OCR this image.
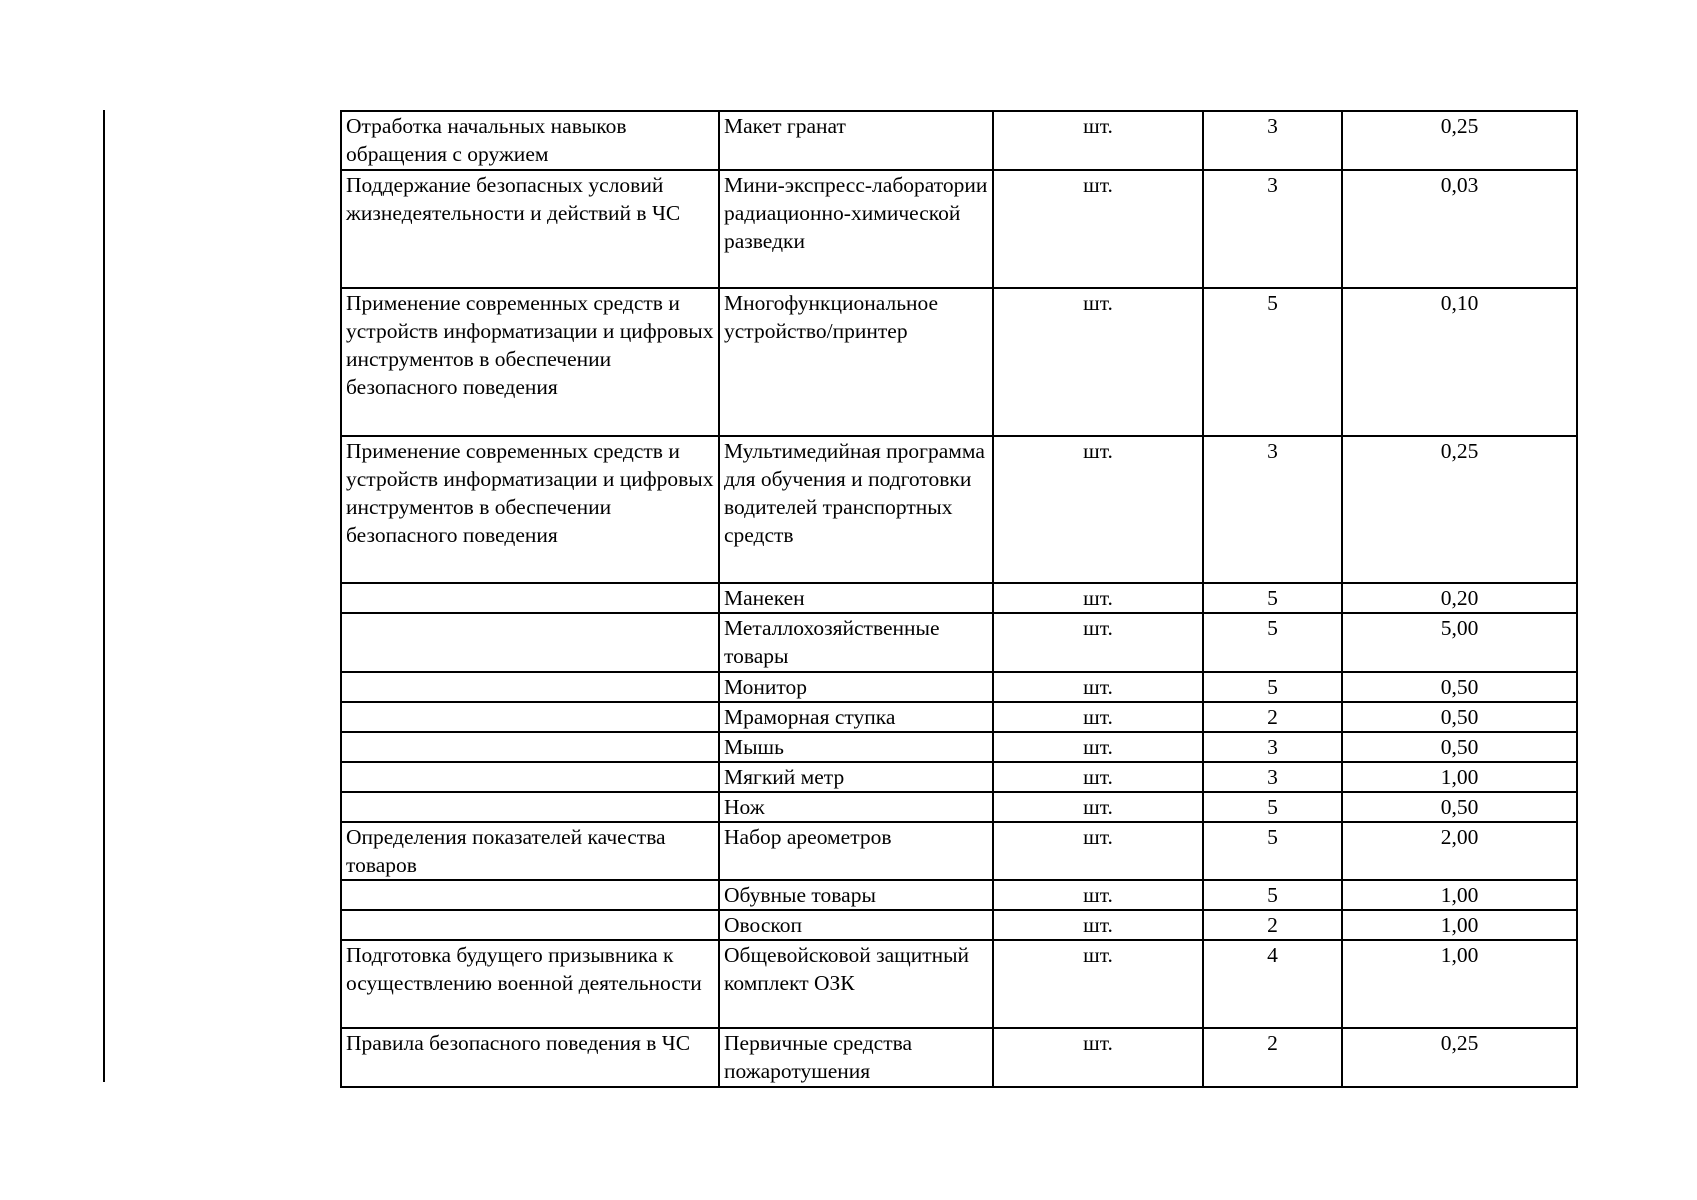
Отработка начальных навыков обращения с оружием	Макет гранат	шт.	3	0,25
Поддержание безопасных условий жизнедеятельности и действий в ЧС	Мини-экспресс-лаборатории радиационно-химической разведки	шт.	3	0,03
Применение современных средств и устройств информатизации и цифровых инструментов в обеспечении безопасного поведения	Многофункциональное устройство/принтер	шт.	5	0,10
Применение современных средств и устройств информатизации и цифровых инструментов в обеспечении безопасного поведения	Мультимедийная программа для обучения и подготовки водителей транспортных средств	шт.	3	0,25
	Манекен	шт.	5	0,20
	Металлохозяйственные товары	шт.	5	5,00
	Монитор	шт.	5	0,50
	Мраморная ступка	шт.	2	0,50
	Мышь	шт.	3	0,50
	Мягкий метр	шт.	3	1,00
	Нож	шт.	5	0,50
Определения показателей качества товаров	Набор ареометров	шт.	5	2,00
	Обувные товары	шт.	5	1,00
	Овоскоп	шт.	2	1,00
Подготовка будущего призывника к осуществлению военной деятельности	Общевойсковой защитный комплект ОЗК	шт.	4	1,00
Правила безопасного поведения в ЧС	Первичные средства пожаротушения	шт.	2	0,25
